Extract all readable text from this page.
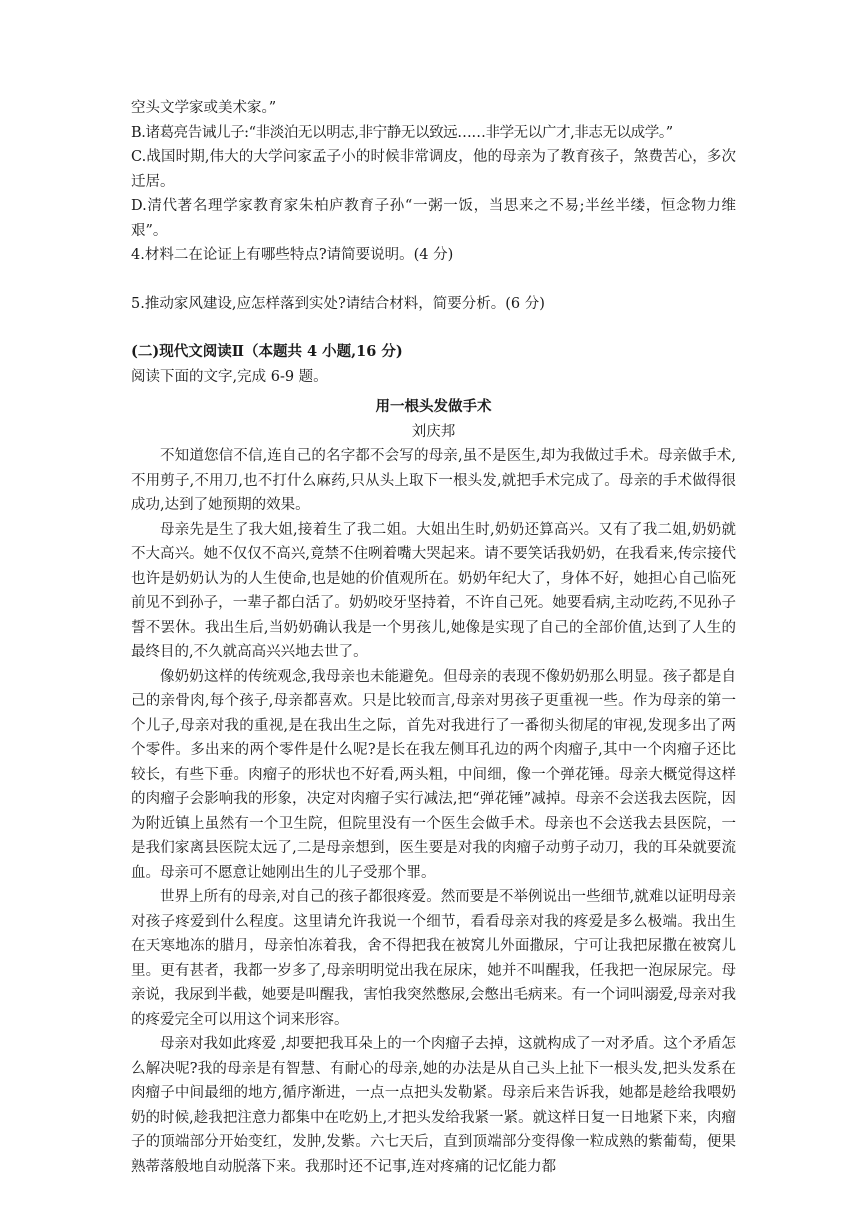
空头文学家或美术家。”

B.诸葛亮告诫儿子:“非淡泊无以明志,非宁静无以致远……非学无以广才,非志无以成学。”

C.战国时期,伟大的大学问家孟子小的时候非常调皮，他的母亲为了教育孩子，煞费苦心，多次迁居。

D.清代著名理学家教育家朱柏庐教育子孙“一粥一饭，当思来之不易;半丝半缕，恒念物力维艰”。

4.材料二在论证上有哪些特点?请简要说明。(4 分)

5.推动家风建设,应怎样落到实处?请结合材料，简要分析。(6 分)

(二)现代文阅读Ⅱ（本题共 4 小题,16 分)

阅读下面的文字,完成 6-9 题。

用一根头发做手术

刘庆邦

不知道您信不信,连自己的名字都不会写的母亲,虽不是医生,却为我做过手术。母亲做手术,不用剪子,不用刀,也不打什么麻药,只从头上取下一根头发,就把手术完成了。母亲的手术做得很成功,达到了她预期的效果。

母亲先是生了我大姐,接着生了我二姐。大姐出生时,奶奶还算高兴。又有了我二姐,奶奶就不大高兴。她不仅仅不高兴,竟禁不住咧着嘴大哭起来。请不要笑话我奶奶，在我看来,传宗接代也许是奶奶认为的人生使命,也是她的价值观所在。奶奶年纪大了，身体不好，她担心自己临死前见不到孙子，一辈子都白活了。奶奶咬牙坚持着，不许自己死。她要看病,主动吃药,不见孙子誓不罢休。我出生后,当奶奶确认我是一个男孩儿,她像是实现了自己的全部价值,达到了人生的最终目的,不久就高高兴兴地去世了。

像奶奶这样的传统观念,我母亲也未能避免。但母亲的表现不像奶奶那么明显。孩子都是自己的亲骨肉,每个孩子,母亲都喜欢。只是比较而言,母亲对男孩子更重视一些。作为母亲的第一个儿子,母亲对我的重视,是在我出生之际，首先对我进行了一番彻头彻尾的审视,发现多出了两个零件。多出来的两个零件是什么呢?是长在我左侧耳孔边的两个肉瘤子,其中一个肉瘤子还比较长，有些下垂。肉瘤子的形状也不好看,两头粗，中间细，像一个弹花锤。母亲大概觉得这样的肉瘤子会影响我的形象，决定对肉瘤子实行减法,把“弹花锤”减掉。母亲不会送我去医院，因为附近镇上虽然有一个卫生院，但院里没有一个医生会做手术。母亲也不会送我去县医院，一是我们家离县医院太远了,二是母亲想到，医生要是对我的肉瘤子动剪子动刀，我的耳朵就要流血。母亲可不愿意让她刚出生的儿子受那个罪。

世界上所有的母亲,对自己的孩子都很疼爱。然而要是不举例说出一些细节,就难以证明母亲对孩子疼爱到什么程度。这里请允许我说一个细节，看看母亲对我的疼爱是多么极端。我出生在天寒地冻的腊月，母亲怕冻着我，舍不得把我在被窝儿外面撒尿，宁可让我把尿撒在被窝儿里。更有甚者，我都一岁多了,母亲明明觉出我在尿床，她并不叫醒我，任我把一泡尿尿完。母亲说，我尿到半截，她要是叫醒我，害怕我突然憋尿,会憋出毛病来。有一个词叫溺爱,母亲对我的疼爱完全可以用这个词来形容。

母亲对我如此疼爱 ,却要把我耳朵上的一个肉瘤子去掉，这就构成了一对矛盾。这个矛盾怎么解决呢?我的母亲是有智慧、有耐心的母亲,她的办法是从自己头上扯下一根头发,把头发系在肉瘤子中间最细的地方,循序渐进，一点一点把头发勒紧。母亲后来告诉我，她都是趁给我喂奶奶的时候,趁我把注意力都集中在吃奶上,才把头发给我紧一紧。就这样日复一日地紧下来，肉瘤子的顶端部分开始变红，发肿,发紫。六七天后，直到顶端部分变得像一粒成熟的紫葡萄，便果熟蒂落般地自动脱落下来。我那时还不记事,连对疼痛的记忆能力都
